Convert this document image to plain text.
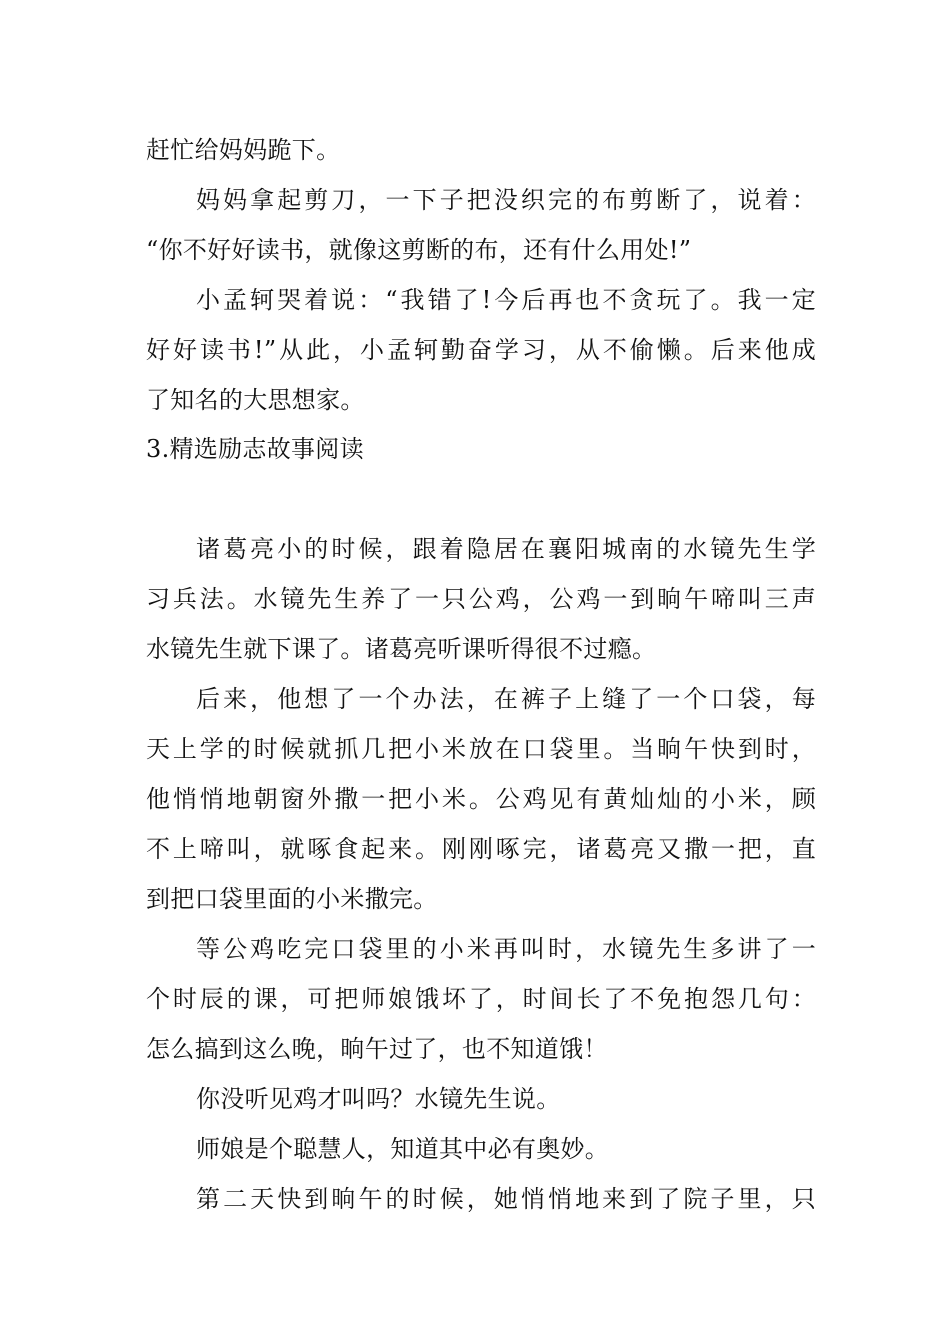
赶忙给妈妈跪下。
妈妈拿起剪刀，一下子把没织完的布剪断了，说着：
“你不好好读书，就像这剪断的布，还有什么用处!”
小孟轲哭着说：“我错了!今后再也不贪玩了。我一定
好好读书!”从此，小孟轲勤奋学习，从不偷懒。后来他成
了知名的大思想家。
3.精选励志故事阅读
诸葛亮小的时候，跟着隐居在襄阳城南的水镜先生学
习兵法。水镜先生养了一只公鸡，公鸡一到晌午啼叫三声
水镜先生就下课了。诸葛亮听课听得很不过瘾。
后来，他想了一个办法，在裤子上缝了一个口袋，每
天上学的时候就抓几把小米放在口袋里。当晌午快到时，
他悄悄地朝窗外撒一把小米。公鸡见有黄灿灿的小米，顾
不上啼叫，就啄食起来。刚刚啄完，诸葛亮又撒一把，直
到把口袋里面的小米撒完。
等公鸡吃完口袋里的小米再叫时，水镜先生多讲了一
个时辰的课，可把师娘饿坏了，时间长了不免抱怨几句：
怎么搞到这么晚，晌午过了，也不知道饿！
你没听见鸡才叫吗？水镜先生说。
师娘是个聪慧人，知道其中必有奥妙。
第二天快到晌午的时候，她悄悄地来到了院子里，只
